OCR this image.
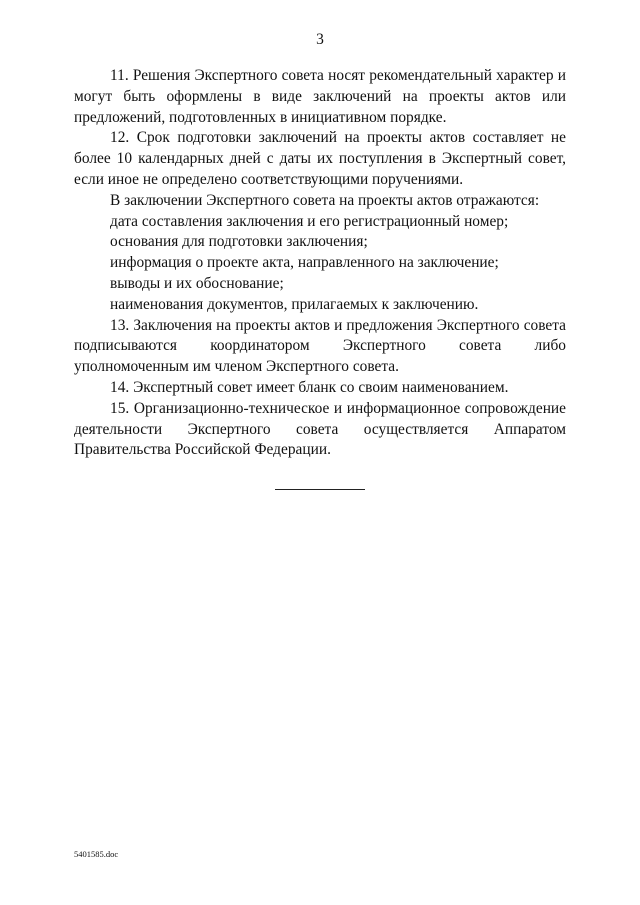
3

11. Решения Экспертного совета носят рекомендательный характер и могут быть оформлены в виде заключений на проекты актов или предложений, подготовленных в инициативном порядке.

12. Срок подготовки заключений на проекты актов составляет не более 10 календарных дней с даты их поступления в Экспертный совет, если иное не определено соответствующими поручениями.

В заключении Экспертного совета на проекты актов отражаются:

дата составления заключения и его регистрационный номер;

основания для подготовки заключения;

информация о проекте акта, направленного на заключение;

выводы и их обоснование;

наименования документов, прилагаемых к заключению.

13. Заключения на проекты актов и предложения Экспертного совета подписываются координатором Экспертного совета либо уполномоченным им членом Экспертного совета.

14. Экспертный совет имеет бланк со своим наименованием.

15. Организационно-техническое и информационное сопровождение деятельности Экспертного совета осуществляется Аппаратом Правительства Российской Федерации.

5401585.doc
